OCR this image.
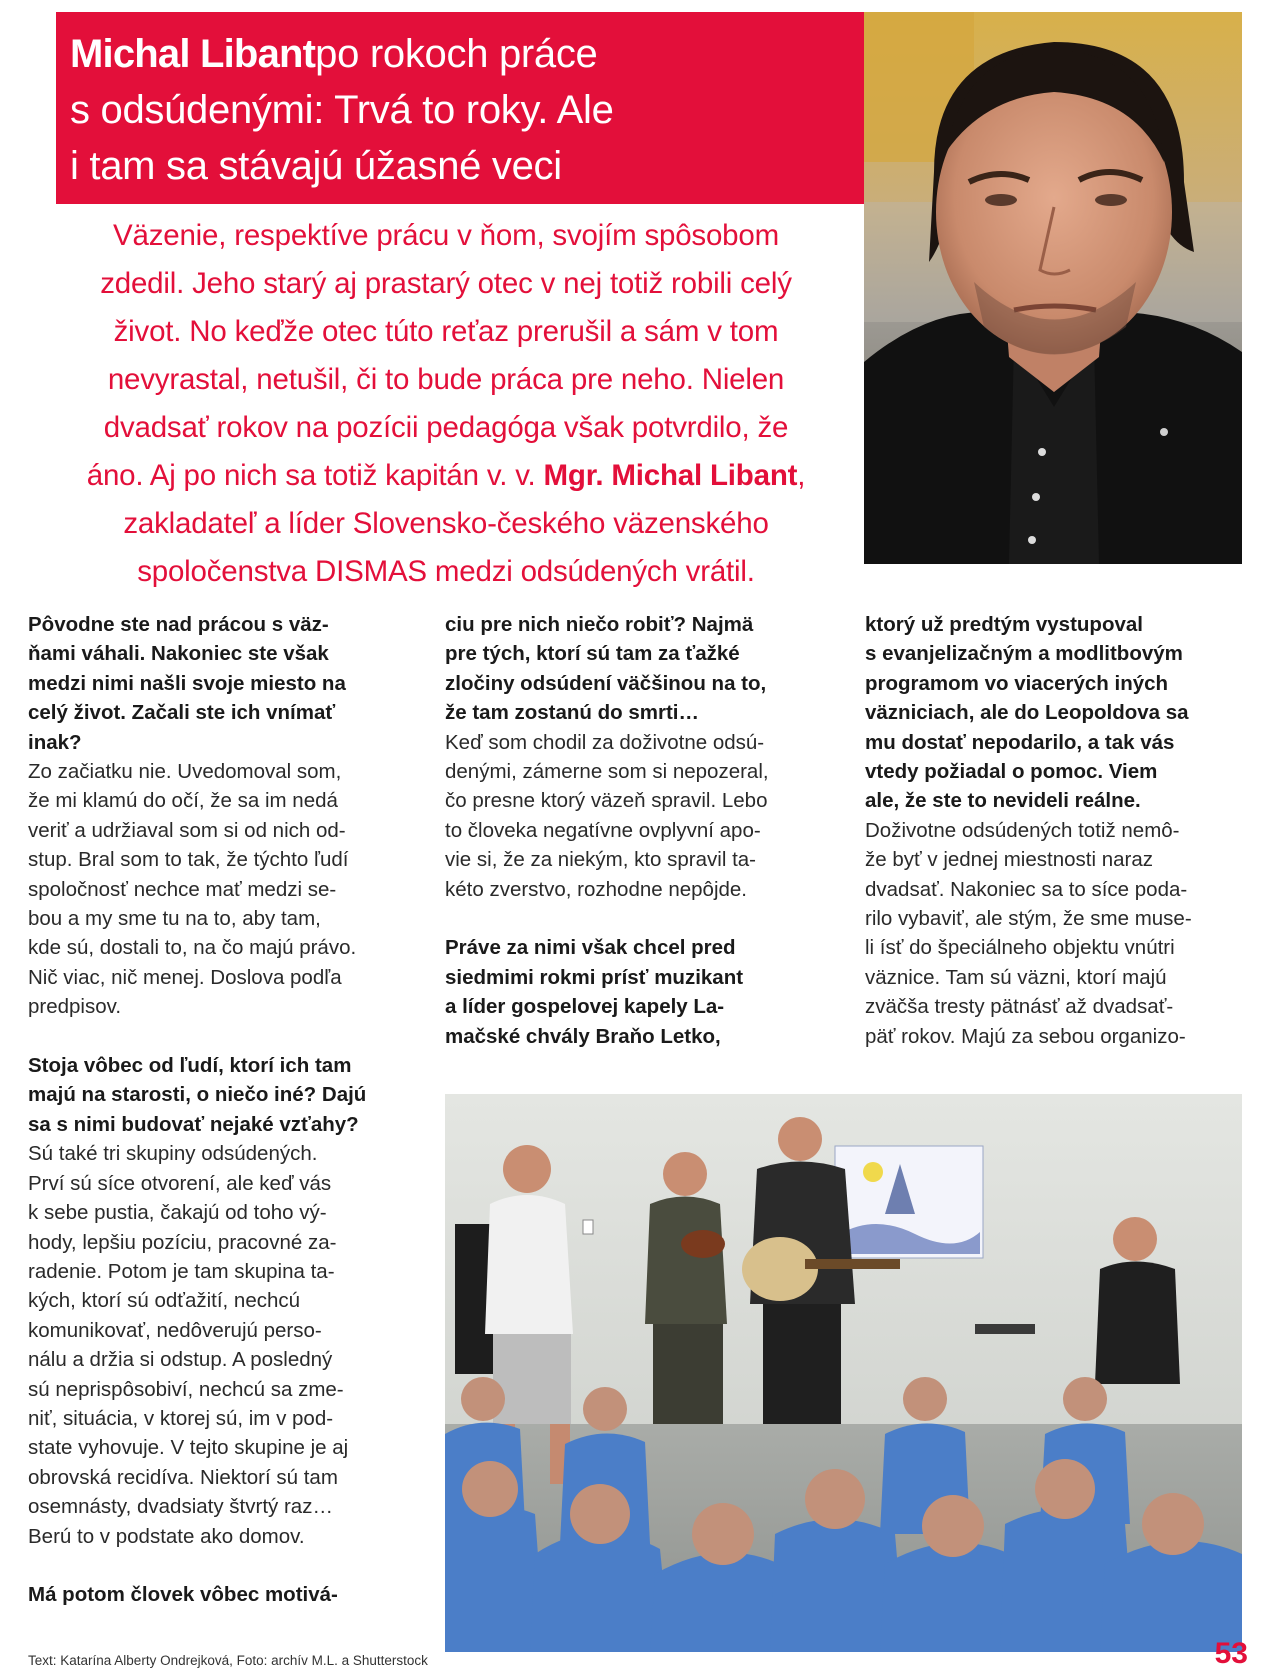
Michal Libantpo rokoch práce
s odsúdenými: Trvá to roky. Ale
i tam sa stávajú úžasné veci

Väzenie, respektíve prácu v ňom, svojím spôsobom
zdedil. Jeho starý aj prastarý otec v nej totiž robili celý
život. No keďže otec túto reťaz prerušil a sám v tom
nevyrastal, netušil, či to bude práca pre neho. Nielen
dvadsať rokov na pozícii pedagóga však potvrdilo, že
áno. Aj po nich sa totiž kapitán v. v. Mgr. Michal Libant,
zakladateľ a líder Slovensko-českého väzenského
spoločenstva DISMAS medzi odsúdených vrátil.

Pôvodne ste nad prácou s väz-
ňami váhali. Nakoniec ste však
medzi nimi našli svoje miesto na
celý život. Začali ste ich vnímať
inak?
Zo začiatku nie. Uvedomoval som,
že mi klamú do očí, že sa im nedá
veriť a udržiaval som si od nich od-
stup. Bral som to tak, že týchto ľudí
spoločnosť nechce mať medzi se-
bou a my sme tu na to, aby tam,
kde sú, dostali to, na čo majú právo.
Nič viac, nič menej. Doslova podľa
predpisov.
Stoja vôbec od ľudí, ktorí ich tam
majú na starosti, o niečo iné? Dajú
sa s nimi budovať nejaké vzťahy?
Sú také tri skupiny odsúdených.
Prví sú síce otvorení, ale keď vás
k sebe pustia, čakajú od toho vý-
hody, lepšiu pozíciu, pracovné za-
radenie. Potom je tam skupina ta-
kých, ktorí sú odťažití, nechcú
komunikovať, nedôverujú perso-
nálu a držia si odstup. A posledný
sú neprispôsobiví, nechcú sa zme-
niť, situácia, v ktorej sú, im v pod-
state vyhovuje. V tejto skupine je aj
obrovská recidíva. Niektorí sú tam
osemnásty, dvadsiaty štvrtý raz…
Berú to v podstate ako domov.
Má potom človek vôbec motivá-
ciu pre nich niečo robiť? Najmä
pre tých, ktorí sú tam za ťažké
zločiny odsúdení väčšinou na to,
že tam zostanú do smrti…
Keď som chodil za doživotne odsú-
denými, zámerne som si nepozeral,
čo presne ktorý väzeň spravil. Lebo
to človeka negatívne ovplyvní apo-
vie si, že za niekým, kto spravil ta-
kéto zverstvo, rozhodne nepôjde.
Práve za nimi však chcel pred
siedmimi rokmi prísť muzikant
a líder gospelovej kapely La-
mačské chvály Braňo Letko,
ktorý už predtým vystupoval
s evanjelizačným a modlitbovým
programom vo viacerých iných
väzniciach, ale do Leopoldova sa
mu dostať nepodarilo, a tak vás
vtedy požiadal o pomoc. Viem
ale, že ste to nevideli reálne.
Doživotne odsúdených totiž nemô-
že byť v jednej miestnosti naraz
dvadsať. Nakoniec sa to síce poda-
rilo vybaviť, ale stým, že sme muse-
li ísť do špeciálneho objektu vnútri
väznice. Tam sú väzni, ktorí majú
zväčša tresty pätnásť až dvadsať-
päť rokov. Majú za sebou organizo-
Text: Katarína Alberty Ondrejková, Foto: archív M.L. a Shutterstock	53
